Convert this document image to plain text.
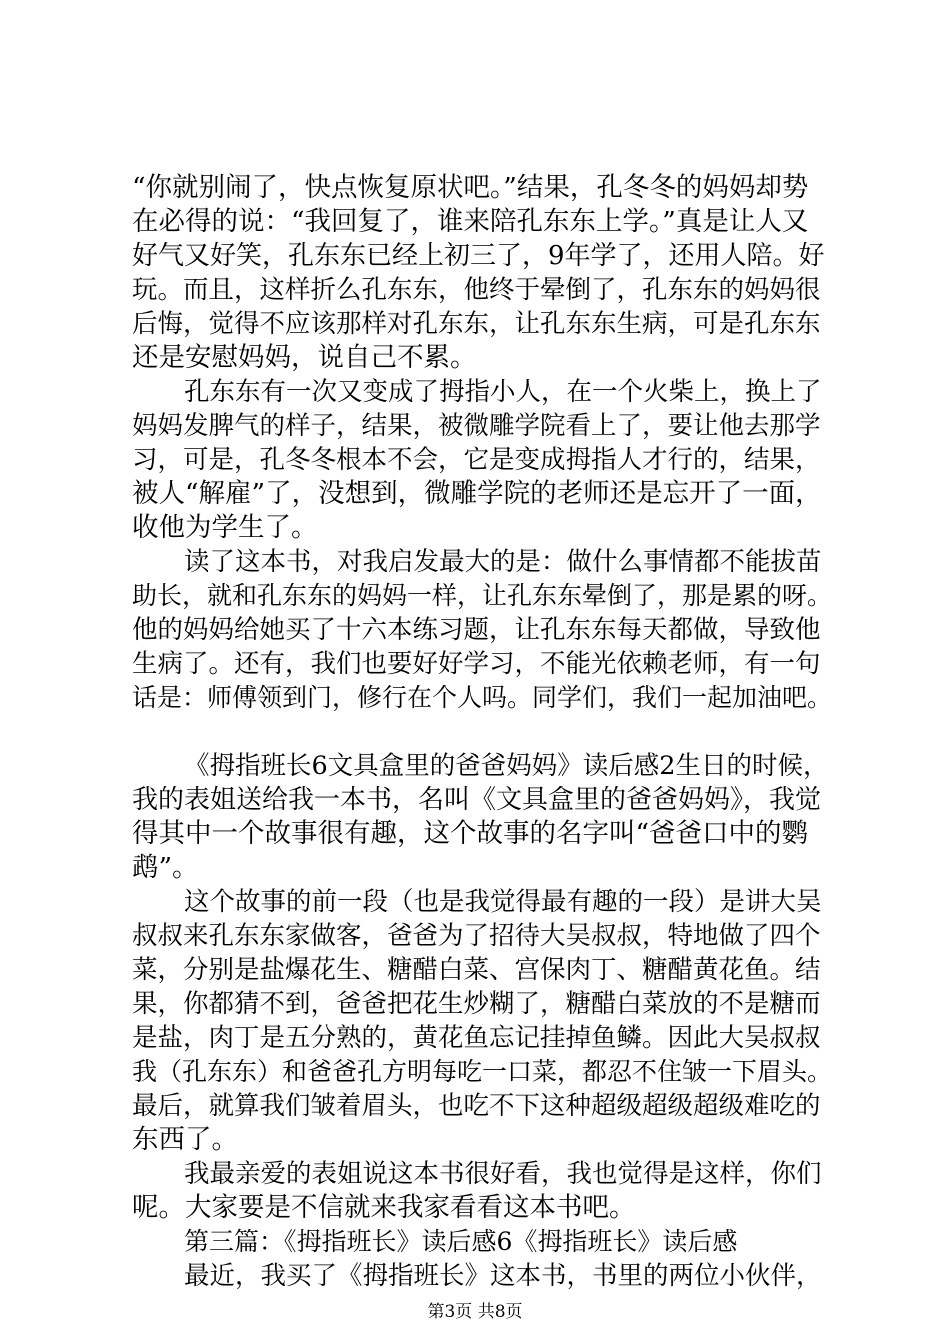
“你就别闹了，快点恢复原状吧。”结果，孔冬冬的妈妈却势
在必得的说：“我回复了，谁来陪孔东东上学。”真是让人又
好气又好笑，孔东东已经上初三了，9年学了，还用人陪。好
玩。而且，这样折么孔东东，他终于晕倒了，孔东东的妈妈很
后悔，觉得不应该那样对孔东东，让孔东东生病，可是孔东东
还是安慰妈妈，说自己不累。
孔东东有一次又变成了拇指小人，在一个火柴上，换上了
妈妈发脾气的样子，结果，被微雕学院看上了，要让他去那学
习，可是，孔冬冬根本不会，它是变成拇指人才行的，结果，
被人“解雇”了，没想到，微雕学院的老师还是忘开了一面，
收他为学生了。
读了这本书，对我启发最大的是：做什么事情都不能拔苗
助长，就和孔东东的妈妈一样，让孔东东晕倒了，那是累的呀。
他的妈妈给她买了十六本练习题，让孔东东每天都做，导致他
生病了。还有，我们也要好好学习，不能光依赖老师，有一句
话是：师傅领到门，修行在个人吗。同学们，我们一起加油吧。
《拇指班长6文具盒里的爸爸妈妈》读后感2生日的时候，
我的表姐送给我一本书，名叫《文具盒里的爸爸妈妈》，我觉
得其中一个故事很有趣，这个故事的名字叫“爸爸口中的鹦
鹉”。
这个故事的前一段（也是我觉得最有趣的一段）是讲大吴
叔叔来孔东东家做客，爸爸为了招待大吴叔叔，特地做了四个
菜，分别是盐爆花生、糖醋白菜、宫保肉丁、糖醋黄花鱼。结
果，你都猜不到，爸爸把花生炒糊了，糖醋白菜放的不是糖而
是盐，肉丁是五分熟的，黄花鱼忘记挂掉鱼鳞。因此大吴叔叔
我（孔东东）和爸爸孔方明每吃一口菜，都忍不住皱一下眉头。
最后，就算我们皱着眉头，也吃不下这种超级超级超级难吃的
东西了。
我最亲爱的表姐说这本书很好看，我也觉得是这样，你们
呢。大家要是不信就来我家看看这本书吧。
第三篇：《拇指班长》读后感6《拇指班长》读后感
最近，我买了《拇指班长》这本书，书里的两位小伙伴，
第3页 共8页
